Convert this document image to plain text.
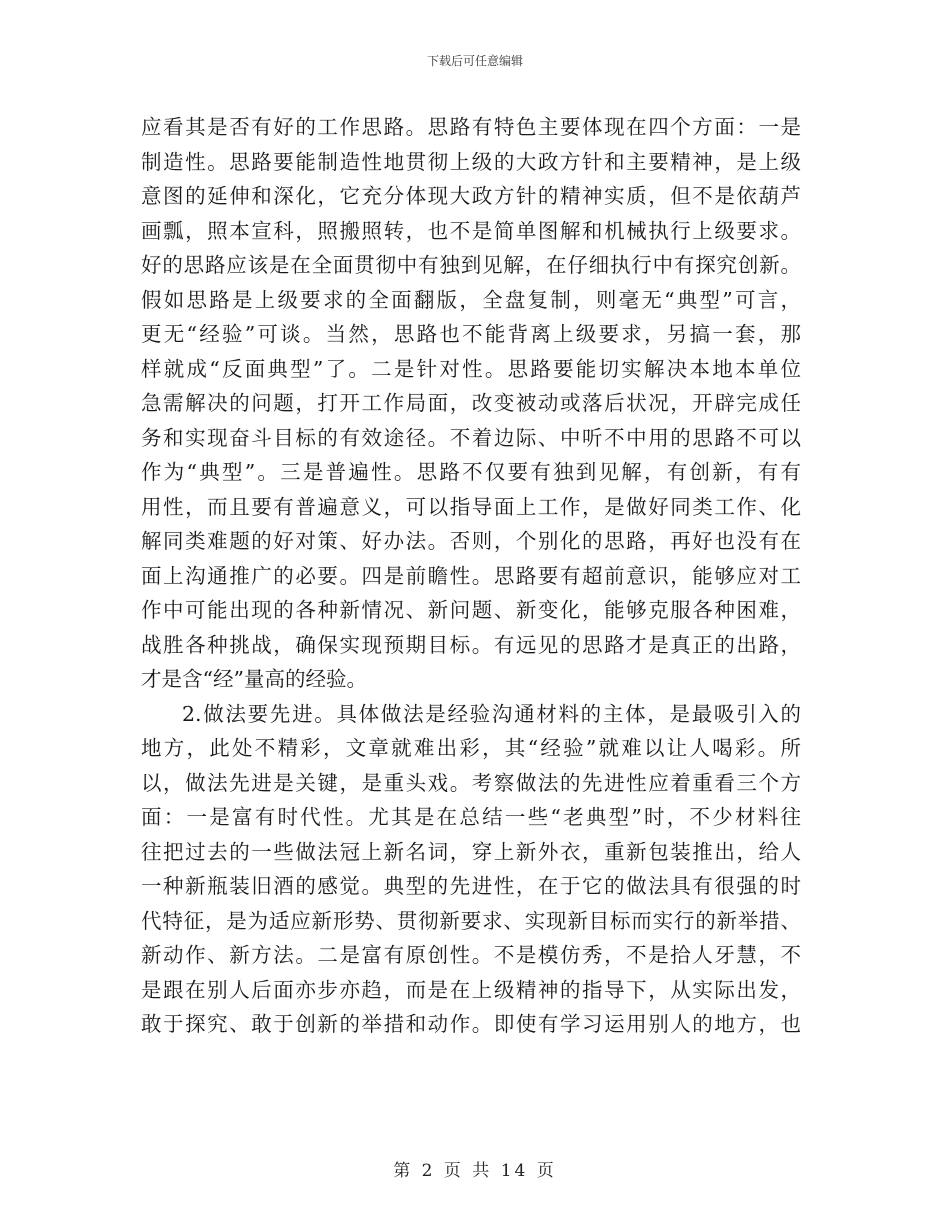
下载后可任意编辑
应看其是否有好的工作思路。思路有特色主要体现在四个方面：一是
制造性。思路要能制造性地贯彻上级的大政方针和主要精神，是上级
意图的延伸和深化，它充分体现大政方针的精神实质，但不是依葫芦
画瓢，照本宣科，照搬照转，也不是简单图解和机械执行上级要求。
好的思路应该是在全面贯彻中有独到见解，在仔细执行中有探究创新。
假如思路是上级要求的全面翻版，全盘复制，则毫无“典型”可言，
更无“经验”可谈。当然，思路也不能背离上级要求，另搞一套，那
样就成“反面典型”了。二是针对性。思路要能切实解决本地本单位
急需解决的问题，打开工作局面，改变被动或落后状况，开辟完成任
务和实现奋斗目标的有效途径。不着边际、中听不中用的思路不可以
作为“典型”。三是普遍性。思路不仅要有独到见解，有创新，有有
用性，而且要有普遍意义，可以指导面上工作，是做好同类工作、化
解同类难题的好对策、好办法。否则，个别化的思路，再好也没有在
面上沟通推广的必要。四是前瞻性。思路要有超前意识，能够应对工
作中可能出现的各种新情况、新问题、新变化，能够克服各种困难，
战胜各种挑战，确保实现预期目标。有远见的思路才是真正的出路，
才是含“经”量高的经验。
2.做法要先进。具体做法是经验沟通材料的主体，是最吸引入的
地方，此处不精彩，文章就难出彩，其“经验”就难以让人喝彩。所
以，做法先进是关键，是重头戏。考察做法的先进性应着重看三个方
面：一是富有时代性。尤其是在总结一些“老典型”时，不少材料往
往把过去的一些做法冠上新名词，穿上新外衣，重新包装推出，给人
一种新瓶装旧酒的感觉。典型的先进性，在于它的做法具有很强的时
代特征，是为适应新形势、贯彻新要求、实现新目标而实行的新举措、
新动作、新方法。二是富有原创性。不是模仿秀，不是拾人牙慧，不
是跟在别人后面亦步亦趋，而是在上级精神的指导下，从实际出发，
敢于探究、敢于创新的举措和动作。即使有学习运用别人的地方，也
第 2 页 共 14 页
